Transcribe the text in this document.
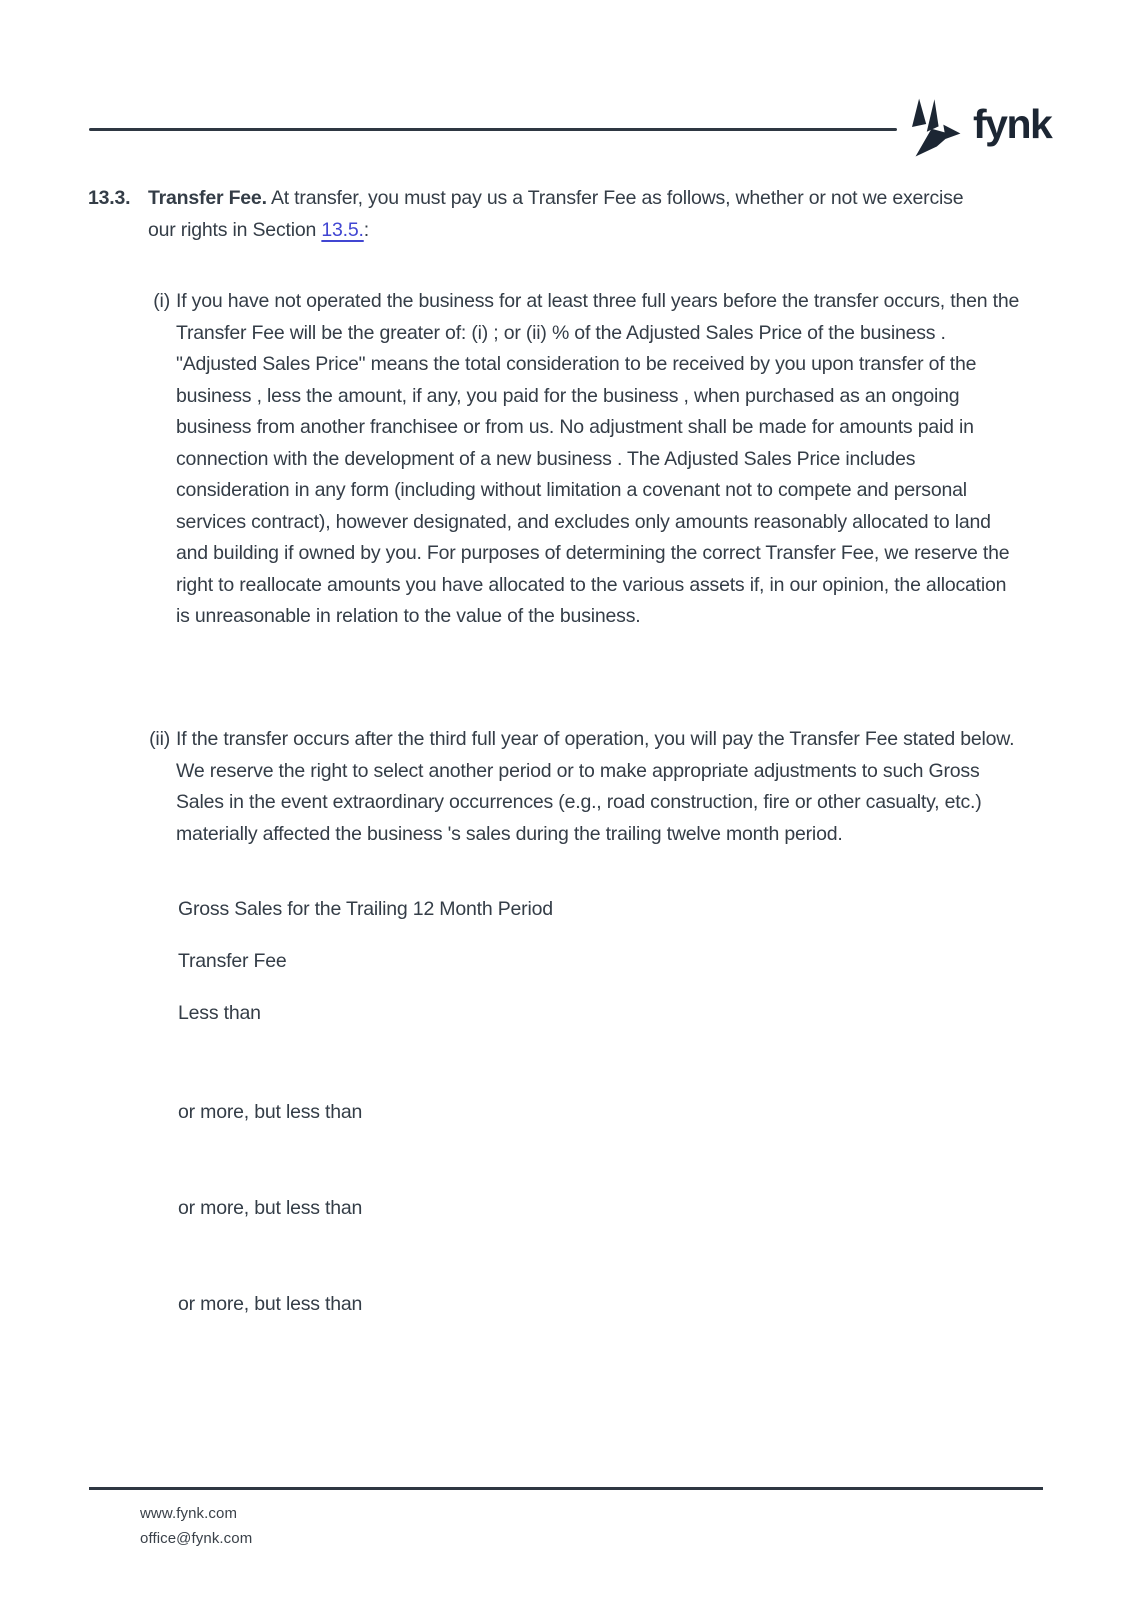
fynk
13.3. Transfer Fee. At transfer, you must pay us a Transfer Fee as follows, whether or not we exercise our rights in Section 13.5.:

(i) If you have not operated the business for at least three full years before the transfer occurs, then the Transfer Fee will be the greater of: (i) ; or (ii) % of the Adjusted Sales Price of the business . "Adjusted Sales Price" means the total consideration to be received by you upon transfer of the business , less the amount, if any, you paid for the business , when purchased as an ongoing business from another franchisee or from us. No adjustment shall be made for amounts paid in connection with the development of a new business . The Adjusted Sales Price includes consideration in any form (including without limitation a covenant not to compete and personal services contract), however designated, and excludes only amounts reasonably allocated to land and building if owned by you. For purposes of determining the correct Transfer Fee, we reserve the right to reallocate amounts you have allocated to the various assets if, in our opinion, the allocation is unreasonable in relation to the value of the business.

(ii) If the transfer occurs after the third full year of operation, you will pay the Transfer Fee stated below. We reserve the right to select another period or to make appropriate adjustments to such Gross Sales in the event extraordinary occurrences (e.g., road construction, fire or other casualty, etc.) materially affected the business 's sales during the trailing twelve month period.

Gross Sales for the Trailing 12 Month Period

Transfer Fee

Less than

or more, but less than

or more, but less than

or more, but less than

www.fynk.com

office@fynk.com
